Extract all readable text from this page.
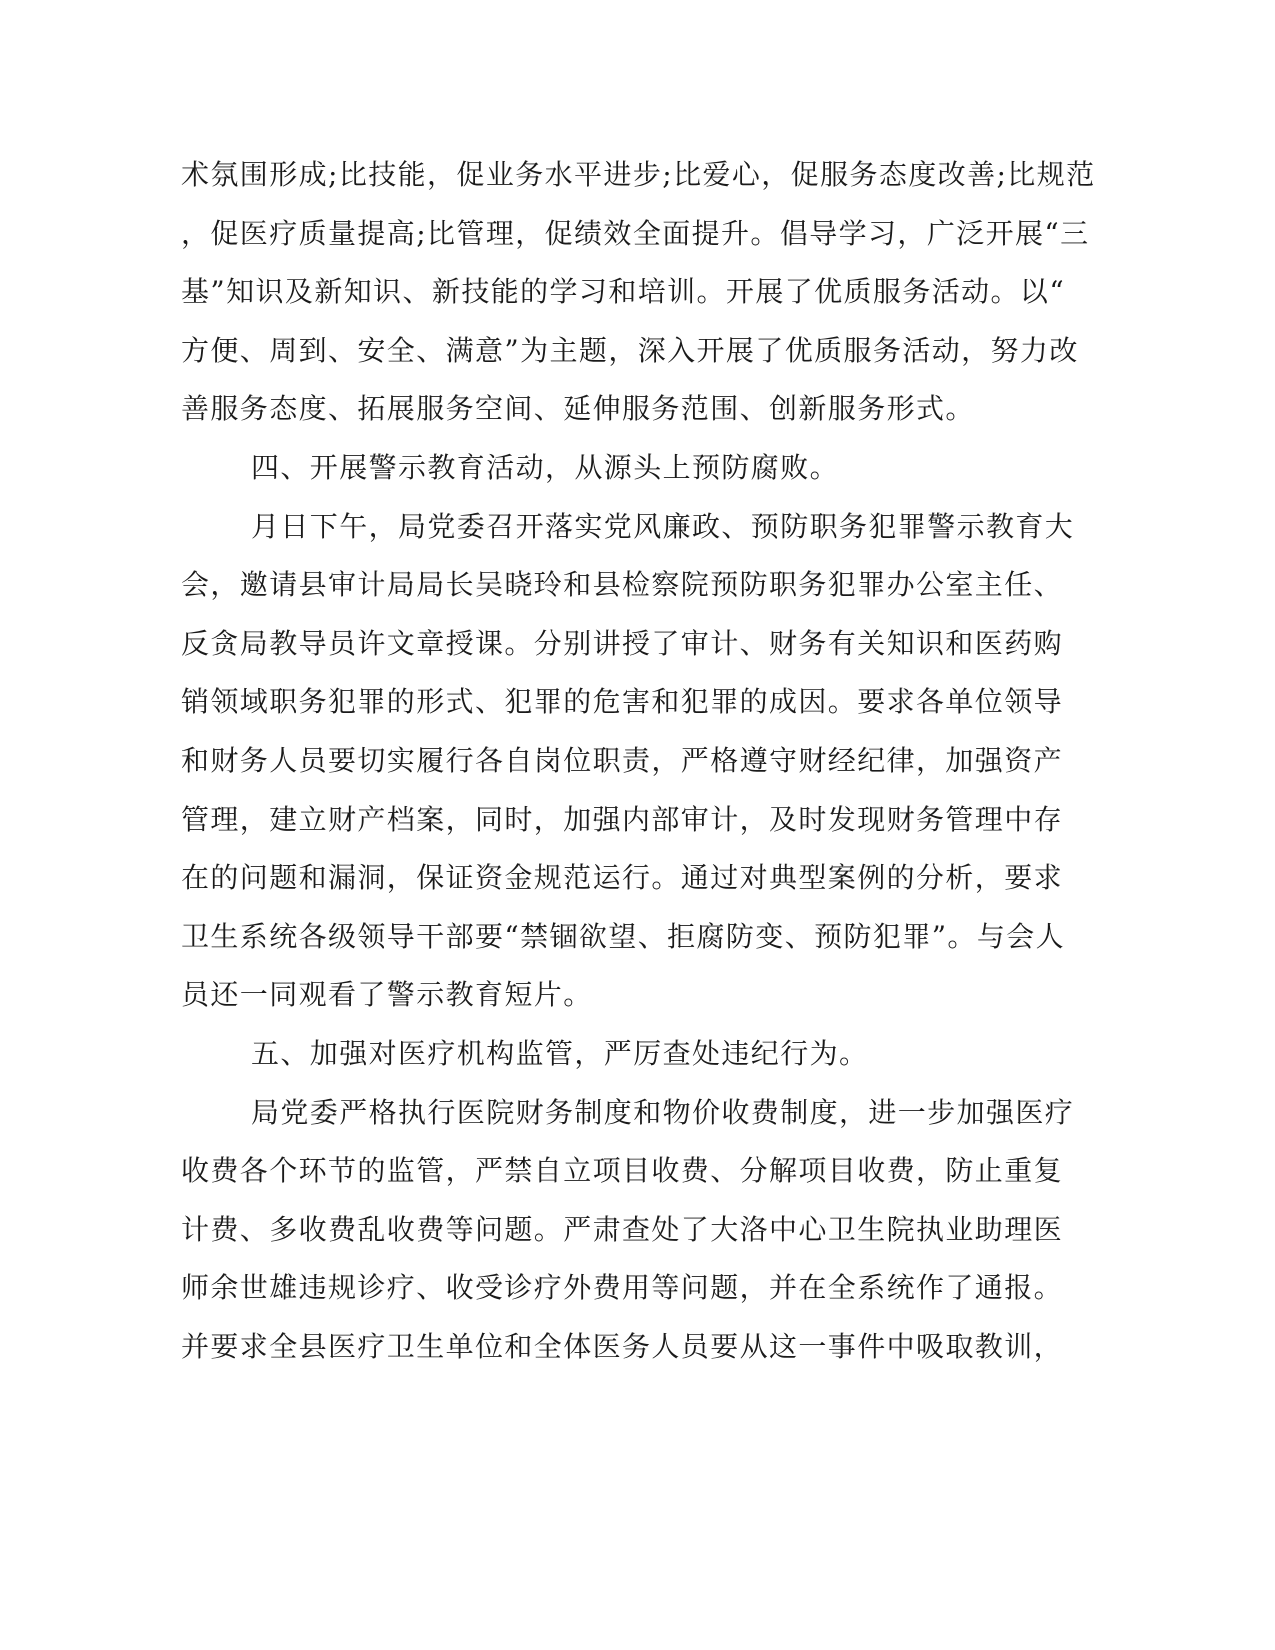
术氛围形成;比技能，促业务水平进步;比爱心，促服务态度改善;比规范

，促医疗质量提高;比管理，促绩效全面提升。倡导学习，广泛开展“三

基”知识及新知识、新技能的学习和培训。开展了优质服务活动。以“

方便、周到、安全、满意”为主题，深入开展了优质服务活动，努力改

善服务态度、拓展服务空间、延伸服务范围、创新服务形式。

四、开展警示教育活动，从源头上预防腐败。

月日下午，局党委召开落实党风廉政、预防职务犯罪警示教育大

会，邀请县审计局局长吴晓玲和县检察院预防职务犯罪办公室主任、

反贪局教导员许文章授课。分别讲授了审计、财务有关知识和医药购

销领域职务犯罪的形式、犯罪的危害和犯罪的成因。要求各单位领导

和财务人员要切实履行各自岗位职责，严格遵守财经纪律，加强资产

管理，建立财产档案，同时，加强内部审计，及时发现财务管理中存

在的问题和漏洞，保证资金规范运行。通过对典型案例的分析，要求

卫生系统各级领导干部要“禁锢欲望、拒腐防变、预防犯罪”。与会人

员还一同观看了警示教育短片。

五、加强对医疗机构监管，严厉查处违纪行为。

局党委严格执行医院财务制度和物价收费制度，进一步加强医疗

收费各个环节的监管，严禁自立项目收费、分解项目收费，防止重复

计费、多收费乱收费等问题。严肃查处了大洛中心卫生院执业助理医

师余世雄违规诊疗、收受诊疗外费用等问题，并在全系统作了通报。

并要求全县医疗卫生单位和全体医务人员要从这一事件中吸取教训，
